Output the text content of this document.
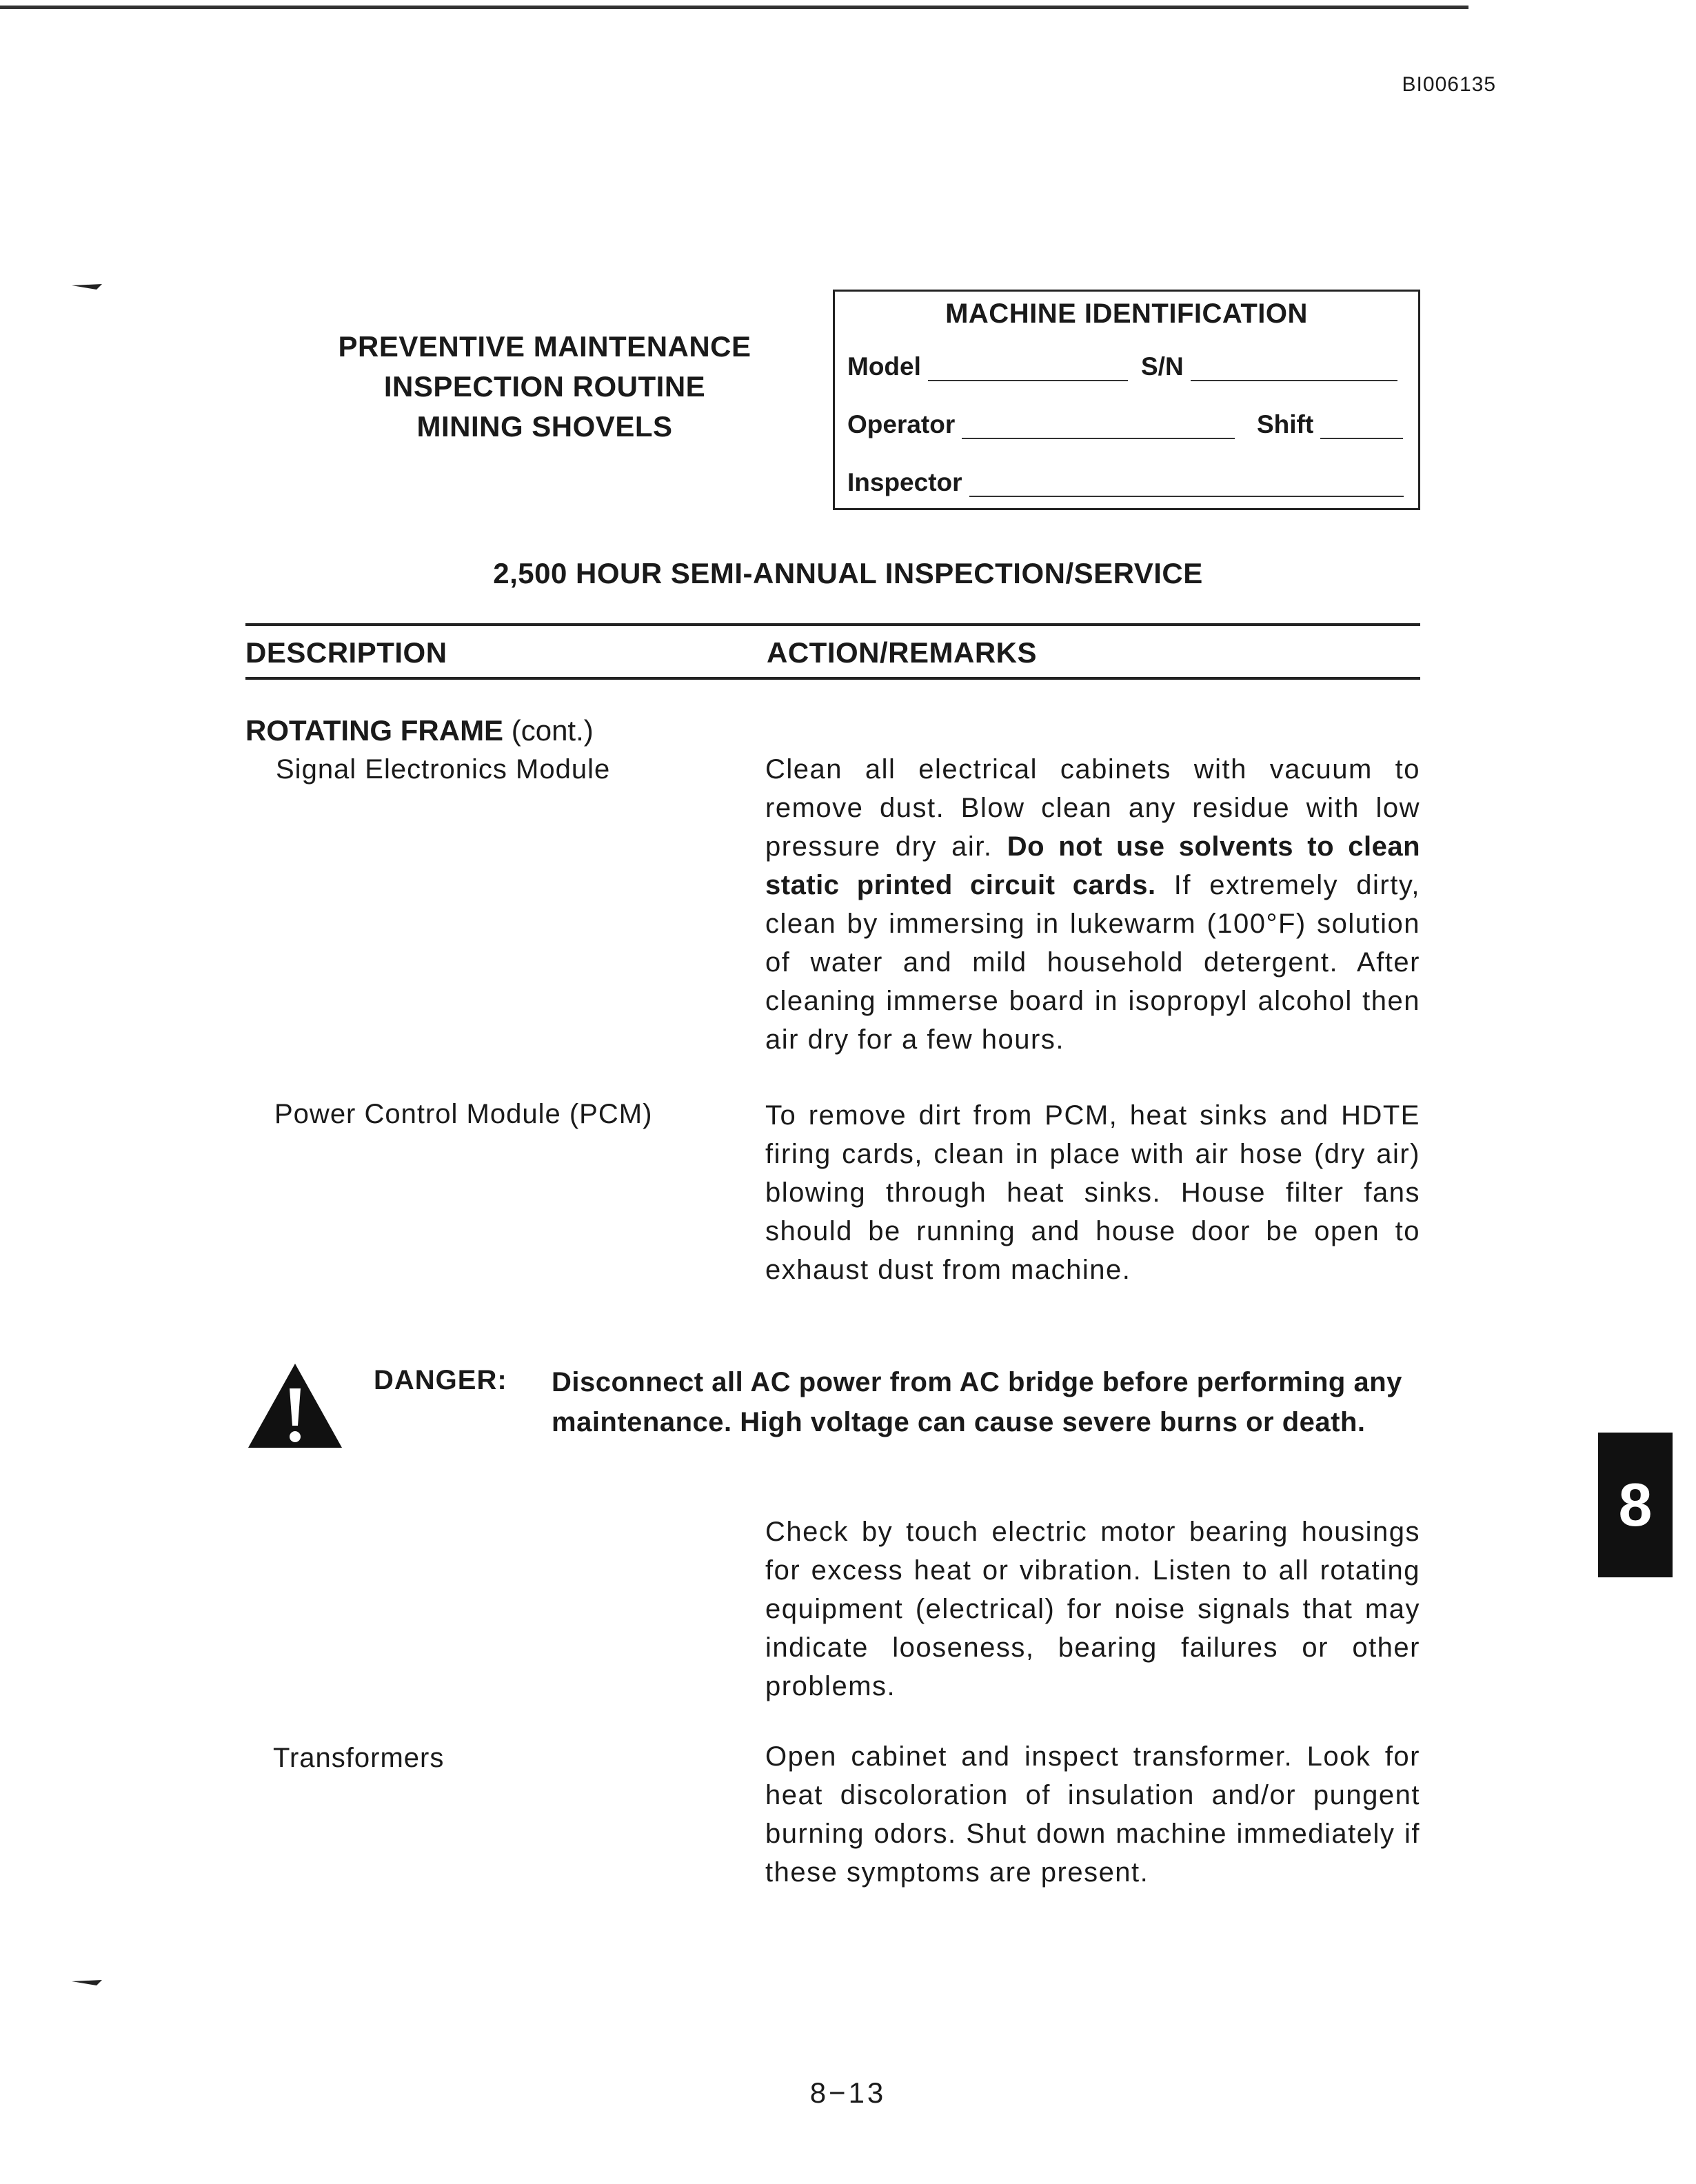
BI006135
PREVENTIVE MAINTENANCE
INSPECTION ROUTINE
MINING SHOVELS
MACHINE IDENTIFICATION
Model	S/N
Operator	Shift
Inspector
2,500 HOUR SEMI-ANNUAL INSPECTION/SERVICE
DESCRIPTION	ACTION/REMARKS
ROTATING FRAME (cont.)
Signal Electronics Module	Clean all electrical cabinets with vacuum to remove dust. Blow clean any residue with low pressure dry air. Do not use solvents to clean static printed circuit cards. If extremely dirty, clean by immersing in lukewarm (100°F) solution of water and mild household detergent. After cleaning immerse board in isopropyl alcohol then air dry for a few hours.
Power Control Module (PCM)	To remove dirt from PCM, heat sinks and HDTE firing cards, clean in place with air hose (dry air) blowing through heat sinks. House filter fans should be running and house door be open to exhaust dust from machine.
DANGER: Disconnect all AC power from AC bridge before performing any maintenance. High voltage can cause severe burns or death.
Check by touch electric motor bearing housings for excess heat or vibration. Listen to all rotating equipment (electrical) for noise signals that may indicate looseness, bearing failures or other problems.
Transformers	Open cabinet and inspect transformer. Look for heat discoloration of insulation and/or pungent burning odors. Shut down machine immediately if these symptoms are present.
8
8−13
